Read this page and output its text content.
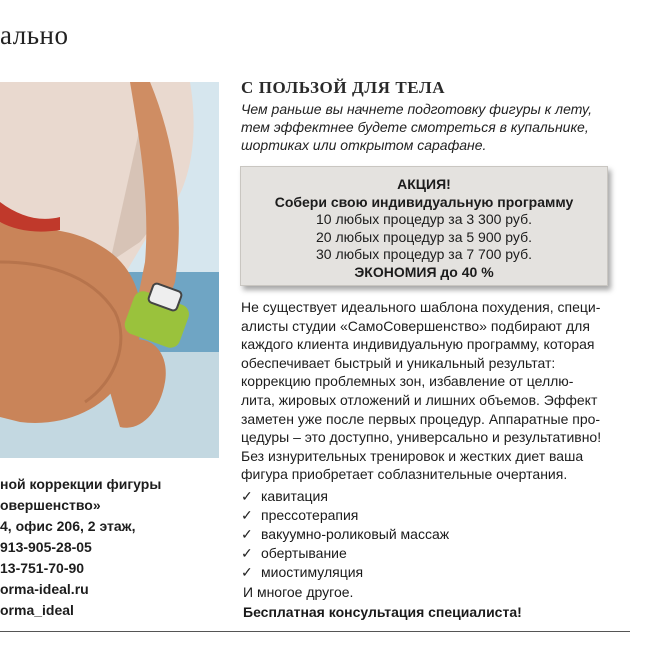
ально
ной коррекции фигуры
овершенство»
4, офис 206, 2 этаж,
913-905-28-05
13-751-70-90
orma-ideal.ru
orma_ideal
С ПОЛЬЗОЙ ДЛЯ ТЕЛА
Чем раньше вы начнете подготовку фигуры к лету,
тем эффектнее будете смотреться в купальнике,
шортиках или открытом сарафане.
АКЦИЯ!
Собери свою индивидуальную программу
10 любых процедур за 3 300 руб.
20 любых процедур за 5 900 руб.
30 любых процедур за 7 700 руб.
ЭКОНОМИЯ до 40 %
Не существует идеального шаблона похудения, специ-
алисты студии «СамоСовершенство» подбирают для
каждого клиента индивидуальную программу, которая
обеспечивает быстрый и уникальный результат:
коррекцию проблемных зон, избавление от целлю-
лита, жировых отложений и лишних объемов. Эффект
заметен уже после первых процедур. Аппаратные про-
цедуры – это доступно, универсально и результативно!
Без изнурительных тренировок и жестких диет ваша
фигура приобретает соблазнительные очертания.
✓ кавитация
✓ прессотерапия
✓ вакуумно-роликовый массаж
✓ обертывание
✓ миостимуляция
И многое другое.
Бесплатная консультация специалиста!
